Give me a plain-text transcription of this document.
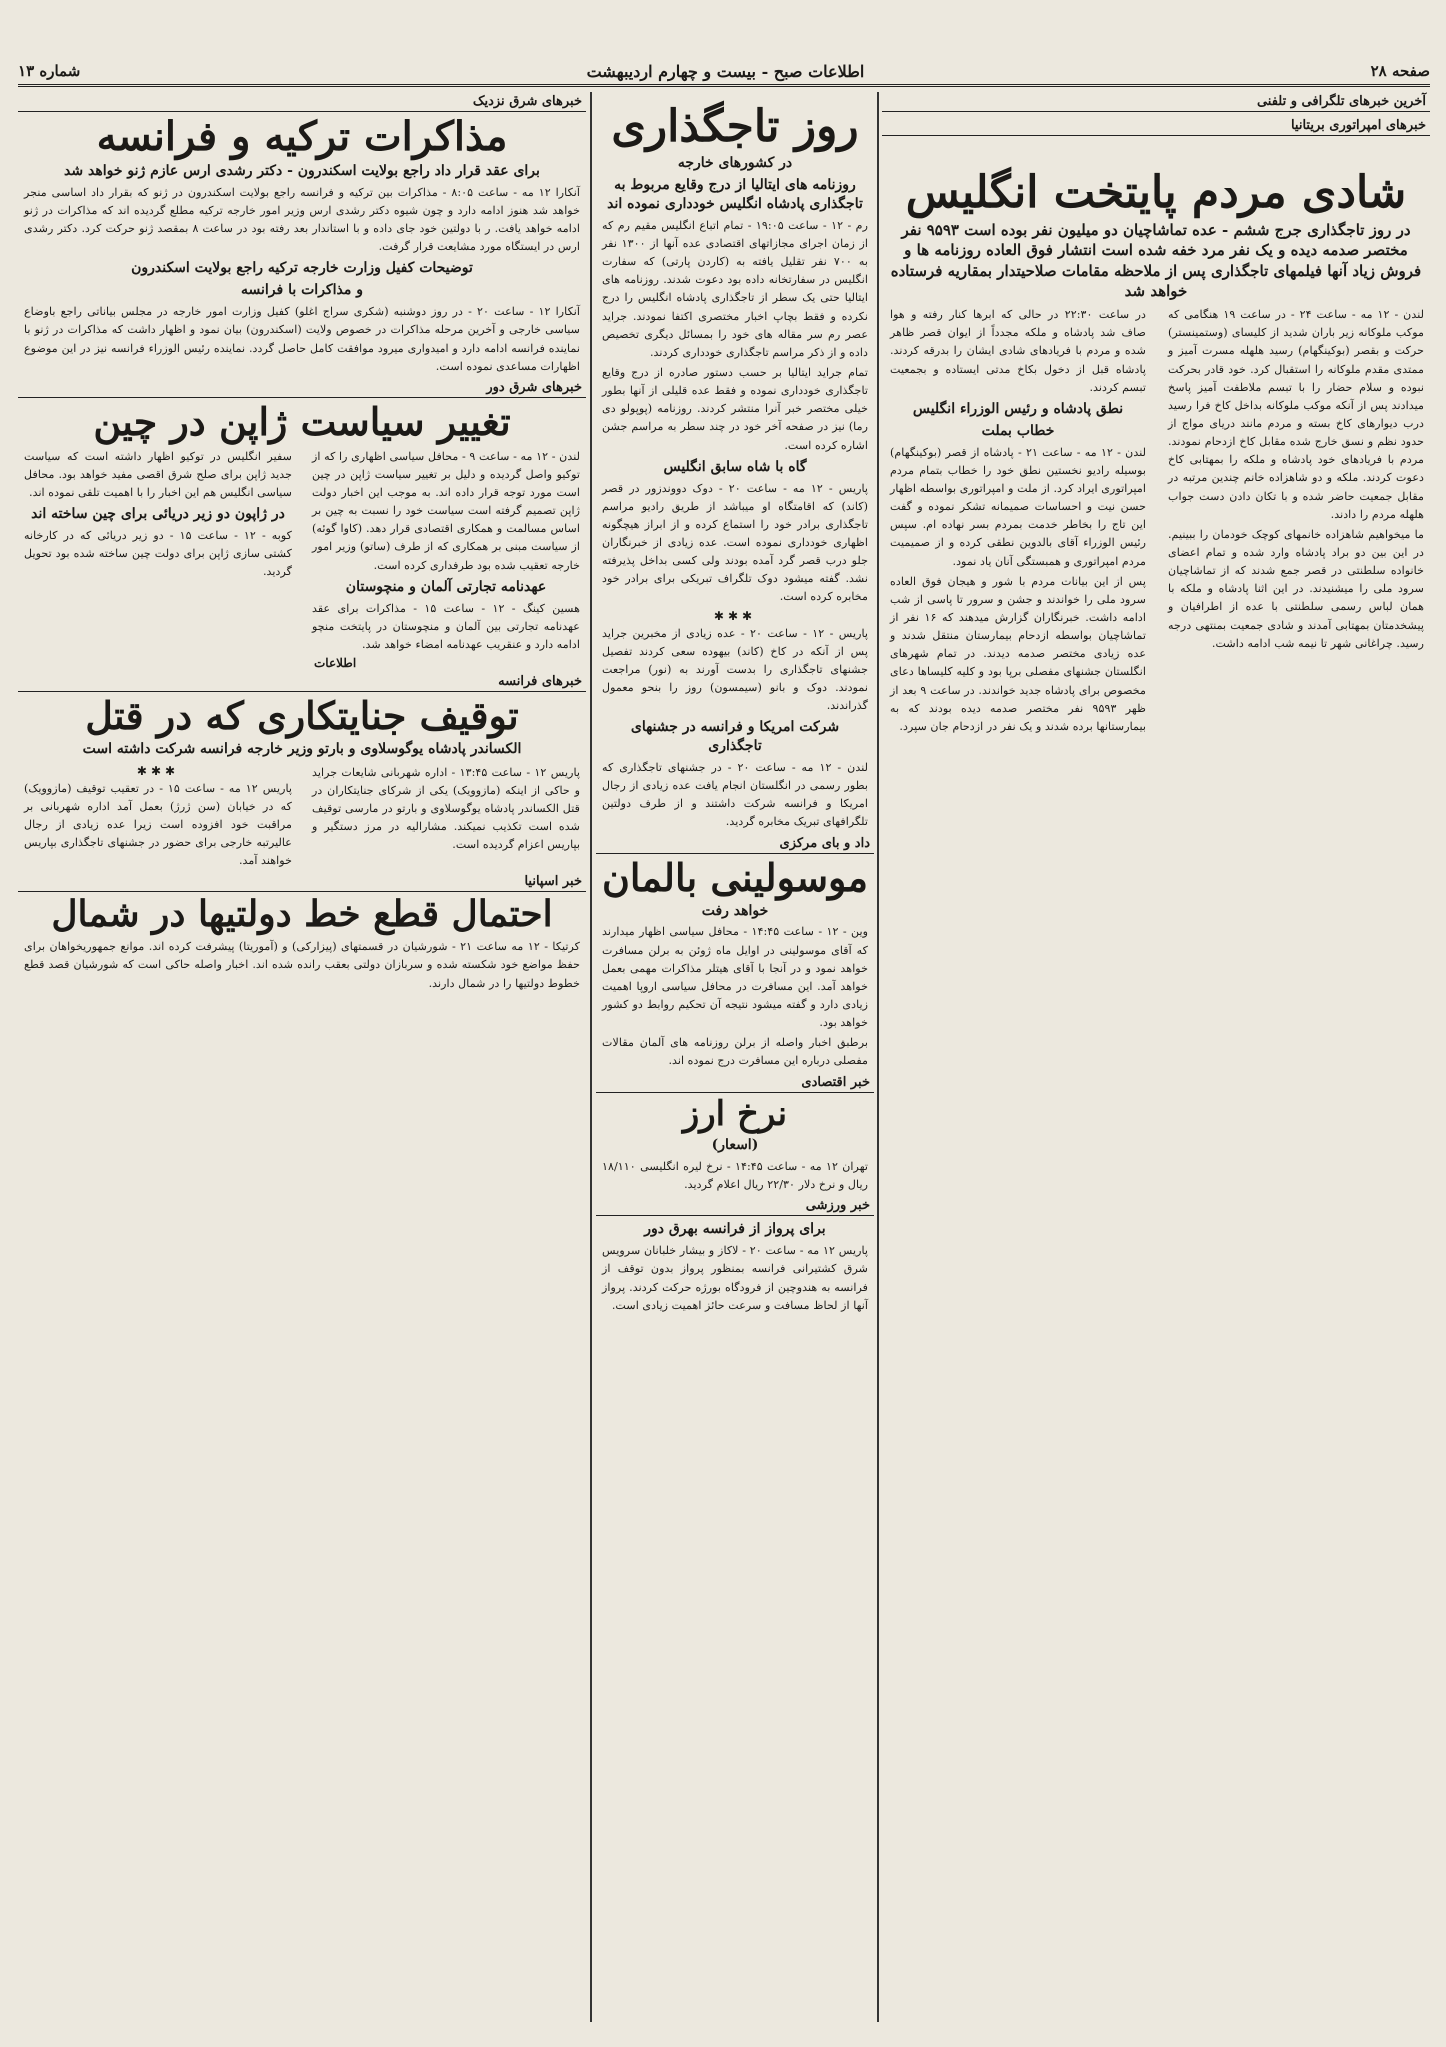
صفحه ۲۸
اطلاعات صبح - بیست و چهارم اردیبهشت
شماره ۱۳
آخرین خبرهای تلگرافی و تلفنی
خبرهای امپراتوری بریتانیا
شادی مردم پایتخت انگلیس
در روز تاجگذاری جرج ششم - عده تماشاچیان دو میلیون نفر بوده است ۹۵۹۳ نفر مختصر صدمه دیده و یک نفر مرد خفه شده است انتشار فوق العاده روزنامه ها و فروش زیاد آنها فیلمهای تاجگذاری پس از ملاحظه مقامات صلاحیتدار بمقاریه فرستاده خواهد شد
لندن - ۱۲ مه - ساعت ۲۴ - در ساعت ۱۹ هنگامی که موکب ملوکانه زیر باران شدید از کلیسای (وستمینستر) حرکت و بقصر (بوکینگهام) رسید هلهله مسرت آمیز و ممتدی مقدم ملوکانه را استقبال کرد. خود قادر بحرکت نبوده و سلام حضار را با تبسم ملاطفت آمیز پاسخ میدادند پس از آنکه موکب ملوکانه بداخل کاخ فرا رسید درب دیوارهای کاخ بسته و مردم مانند دریای مواج از حدود نظم و نسق خارج شده مقابل کاخ ازدحام نمودند. مردم با فریادهای خود پادشاه و ملکه را بمهتابی کاخ دعوت کردند. ملکه و دو شاهزاده خانم چندین مرتبه در مقابل جمعیت حاضر شده و با تکان دادن دست جواب هلهله مردم را دادند.
ما میخواهیم شاهزاده خانمهای کوچک خودمان را ببینیم. در این بین دو براد پادشاه وارد شده و تمام اعضای خانواده سلطنتی در قصر جمع شدند که از تماشاچیان سرود ملی را میشنیدند. در این اثنا پادشاه و ملکه با همان لباس رسمی سلطنتی با عده از اطرافیان و پیشخدمتان بمهتابی آمدند و شادی جمعیت بمنتهی درجه رسید. چراغانی شهر تا نیمه شب ادامه داشت.
در ساعت ۲۲:۳۰ در حالی که ابرها کنار رفته و هوا صاف شد پادشاه و ملکه مجدداً از ایوان قصر ظاهر شده و مردم با فریادهای شادی ایشان را بدرقه کردند. پادشاه قبل از دخول بکاخ مدتی ایستاده و بجمعیت تبسم کردند.
نطق پادشاه و رئیس الوزراء انگلیس
خطاب بملت
لندن - ۱۲ مه - ساعت ۲۱ - پادشاه از قصر (بوکینگهام) بوسیله رادیو نخستین نطق خود را خطاب بتمام مردم امپراتوری ایراد کرد. از ملت و امپراتوری بواسطه اظهار حسن نیت و احساسات صمیمانه تشکر نموده و گفت این تاج را بخاطر خدمت بمردم بسر نهاده ام. سپس رئیس الوزراء آقای بالدوین نطقی کرده و از صمیمیت مردم امپراتوری و همبستگی آنان یاد نمود.
پس از این بیانات مردم با شور و هیجان فوق العاده سرود ملی را خواندند و جشن و سرور تا پاسی از شب ادامه داشت. خبرنگاران گزارش میدهند که ۱۶ نفر از تماشاچیان بواسطه ازدحام بیمارستان منتقل شدند و عده زیادی مختصر صدمه دیدند. در تمام شهرهای انگلستان جشنهای مفصلی برپا بود و کلیه کلیساها دعای مخصوص برای پادشاه جدید خواندند. در ساعت ۹ بعد از ظهر ۹۵۹۳ نفر مختصر صدمه دیده بودند که به بیمارستانها برده شدند و یک نفر در ازدحام جان سپرد.
روز تاجگذاری
در کشورهای خارجه
روزنامه های ایتالیا از درج وقایع مربوط به تاجگذاری پادشاه انگلیس خودداری نموده اند
رم - ۱۲ - ساعت ۱۹:۰۵ - تمام اتباع انگلیس مقیم رم که از زمان اجرای مجازاتهای اقتصادی عده آنها از ۱۳۰۰ نفر به ۷۰۰ نفر تقلیل یافته به (کاردن پارتی) که سفارت انگلیس در سفارتخانه داده بود دعوت شدند. روزنامه های ایتالیا حتی یک سطر از تاجگذاری پادشاه انگلیس را درج نکرده و فقط بچاپ اخبار مختصری اکتفا نمودند. جراید عصر رم سر مقاله های خود را بمسائل دیگری تخصیص داده و از ذکر مراسم تاجگذاری خودداری کردند.
تمام جراید ایتالیا بر حسب دستور صادره از درج وقایع تاجگذاری خودداری نموده و فقط عده قلیلی از آنها بطور خیلی مختصر خبر آنرا منتشر کردند. روزنامه (پوپولو دی رما) نیز در صفحه آخر خود در چند سطر به مراسم جشن اشاره کرده است.
گاه با شاه سابق انگلیس
پاریس - ۱۲ مه - ساعت ۲۰ - دوک دووندزور در قصر (کاند) که اقامتگاه او میباشد از طریق رادیو مراسم تاجگذاری برادر خود را استماع کرده و از ابراز هیچگونه اظهاری خودداری نموده است. عده زیادی از خبرنگاران جلو درب قصر گرد آمده بودند ولی کسی بداخل پذیرفته نشد. گفته میشود دوک تلگراف تبریکی برای برادر خود مخابره کرده است.
✱✱✱
پاریس - ۱۲ - ساعت ۲۰ - عده زیادی از مخبرین جراید پس از آنکه در کاخ (کاند) بیهوده سعی کردند تفصیل جشنهای تاجگذاری را بدست آورند به (نور) مراجعت نمودند. دوک و بانو (سیمسون) روز را بنحو معمول گذراندند.
شرکت امریکا و فرانسه در جشنهای تاجگذاری
لندن - ۱۲ مه - ساعت ۲۰ - در جشنهای تاجگذاری که بطور رسمی در انگلستان انجام یافت عده زیادی از رجال امریکا و فرانسه شرکت داشتند و از طرف دولتین تلگرافهای تبریک مخابره گردید.
داد و بای مرکزی
موسولینی بالمان
خواهد رفت
وین - ۱۲ - ساعت ۱۴:۴۵ - محافل سیاسی اظهار میدارند که آقای موسولینی در اوایل ماه ژوئن به برلن مسافرت خواهد نمود و در آنجا با آقای هیتلر مذاکرات مهمی بعمل خواهد آمد. این مسافرت در محافل سیاسی اروپا اهمیت زیادی دارد و گفته میشود نتیجه آن تحکیم روابط دو کشور خواهد بود.
برطبق اخبار واصله از برلن روزنامه های آلمان مقالات مفصلی درباره این مسافرت درج نموده اند.
خبر اقتصادی
نرخ ارز
(اسعار)
تهران ۱۲ مه - ساعت ۱۴:۴۵ - نرخ لیره انگلیسی ۱۸/۱۱۰ ریال و نرخ دلار ۲۲/۳۰ ریال اعلام گردید.
خبر ورزشی
برای پرواز از فرانسه بهرق دور
پاریس ۱۲ مه - ساعت ۲۰ - لاکاز و بیشار خلبانان سرویس شرق کشتیرانی فرانسه بمنظور پرواز بدون توقف از فرانسه به هندوچین از فرودگاه بورژه حرکت کردند. پرواز آنها از لحاظ مسافت و سرعت حائز اهمیت زیادی است.
خبرهای شرق نزدیک
مذاکرات ترکیه و فرانسه
برای عقد قرار داد راجع بولایت اسکندرون - دکتر رشدی ارس عازم ژنو خواهد شد
آنکارا ۱۲ مه - ساعت ۸:۰۵ - مذاکرات بین ترکیه و فرانسه راجع بولایت اسکندرون در ژنو که بقرار داد اساسی منجر خواهد شد هنوز ادامه دارد و چون شیوه دکتر رشدی ارس وزیر امور خارجه ترکیه مطلع گردیده اند که مذاکرات در ژنو ادامه خواهد یافت. ر با دولتین خود جای داده و با استاندار بعد رفته بود در ساعت ۸ بمقصد ژنو حرکت کرد. دکتر رشدی ارس در ایستگاه مورد مشایعت قرار گرفت.
توضیحات کفیل وزارت خارجه ترکیه راجع بولایت اسکندرون
و مذاکرات با فرانسه
آنکارا ۱۲ - ساعت ۲۰ - در روز دوشنبه (شکری سراج اغلو) کفیل وزارت امور خارجه در مجلس بیاناتی راجع باوضاع سیاسی خارجی و آخرین مرحله مذاکرات در خصوص ولایت (اسکندرون) بیان نمود و اظهار داشت که مذاکرات در ژنو با نماینده فرانسه ادامه دارد و امیدواری میرود موافقت کامل حاصل گردد. نماینده رئیس الوزراء فرانسه نیز در این موضوع اظهارات مساعدی نموده است.
خبرهای شرق دور
تغییر سیاست ژاپن در چین
لندن - ۱۲ مه - ساعت ۹ - محافل سیاسی اظهاری را که از توکیو واصل گردیده و دلیل بر تغییر سیاست ژاپن در چین است مورد توجه قرار داده اند. به موجب این اخبار دولت ژاپن تصمیم گرفته است سیاست خود را نسبت به چین بر اساس مسالمت و همکاری اقتصادی قرار دهد. (کاوا گوئه) از سیاست مبنی بر همکاری که از طرف (ساتو) وزیر امور خارجه تعقیب شده بود طرفداری کرده است.
عهدنامه تجارتی آلمان و منچوستان
هسین کینگ - ۱۲ - ساعت ۱۵ - مذاکرات برای عقد عهدنامه تجارتی بین آلمان و منچوستان در پایتخت منچو ادامه دارد و عنقریب عهدنامه امضاء خواهد شد.
اطلاعات
سفیر انگلیس در توکیو اظهار داشته است که سیاست جدید ژاپن برای صلح شرق اقصی مفید خواهد بود. محافل سیاسی انگلیس هم این اخبار را با اهمیت تلقی نموده اند.
در ژاپون دو زیر دریائی برای چین ساخته اند
کوبه - ۱۲ - ساعت ۱۵ - دو زیر دریائی که در کارخانه کشتی سازی ژاپن برای دولت چین ساخته شده بود تحویل گردید.
خبرهای فرانسه
توقیف جنایتکاری که در قتل
الکساندر پادشاه یوگوسلاوی و بارتو وزیر خارجه فرانسه شرکت داشته است
پاریس ۱۲ - ساعت ۱۳:۴۵ - اداره شهربانی شایعات جراید و حاکی از اینکه (مازوویک) یکی از شرکای جنایتکاران در قتل الکساندر پادشاه یوگوسلاوی و بارتو در مارسی توقیف شده است تکذیب نمیکند. مشارالیه در مرز دستگیر و بپاریس اعزام گردیده است.
✱✱✱
پاریس ۱۲ مه - ساعت ۱۵ - در تعقیب توقیف (مازوویک) که در خیابان (سن ژرژ) بعمل آمد اداره شهربانی بر مراقبت خود افزوده است زیرا عده زیادی از رجال عالیرتبه خارجی برای حضور در جشنهای تاجگذاری بپاریس خواهند آمد.
خبر اسپانیا
احتمال قطع خط دولتیها در شمال
کرتیکا - ۱۲ مه ساعت ۲۱ - شورشیان در قسمتهای (پیزارکی) و (آموریتا) پیشرفت کرده اند. موانع جمهوریخواهان برای حفظ مواضع خود شکسته شده و سربازان دولتی بعقب رانده شده اند. اخبار واصله حاکی است که شورشیان قصد قطع خطوط دولتیها را در شمال دارند.
